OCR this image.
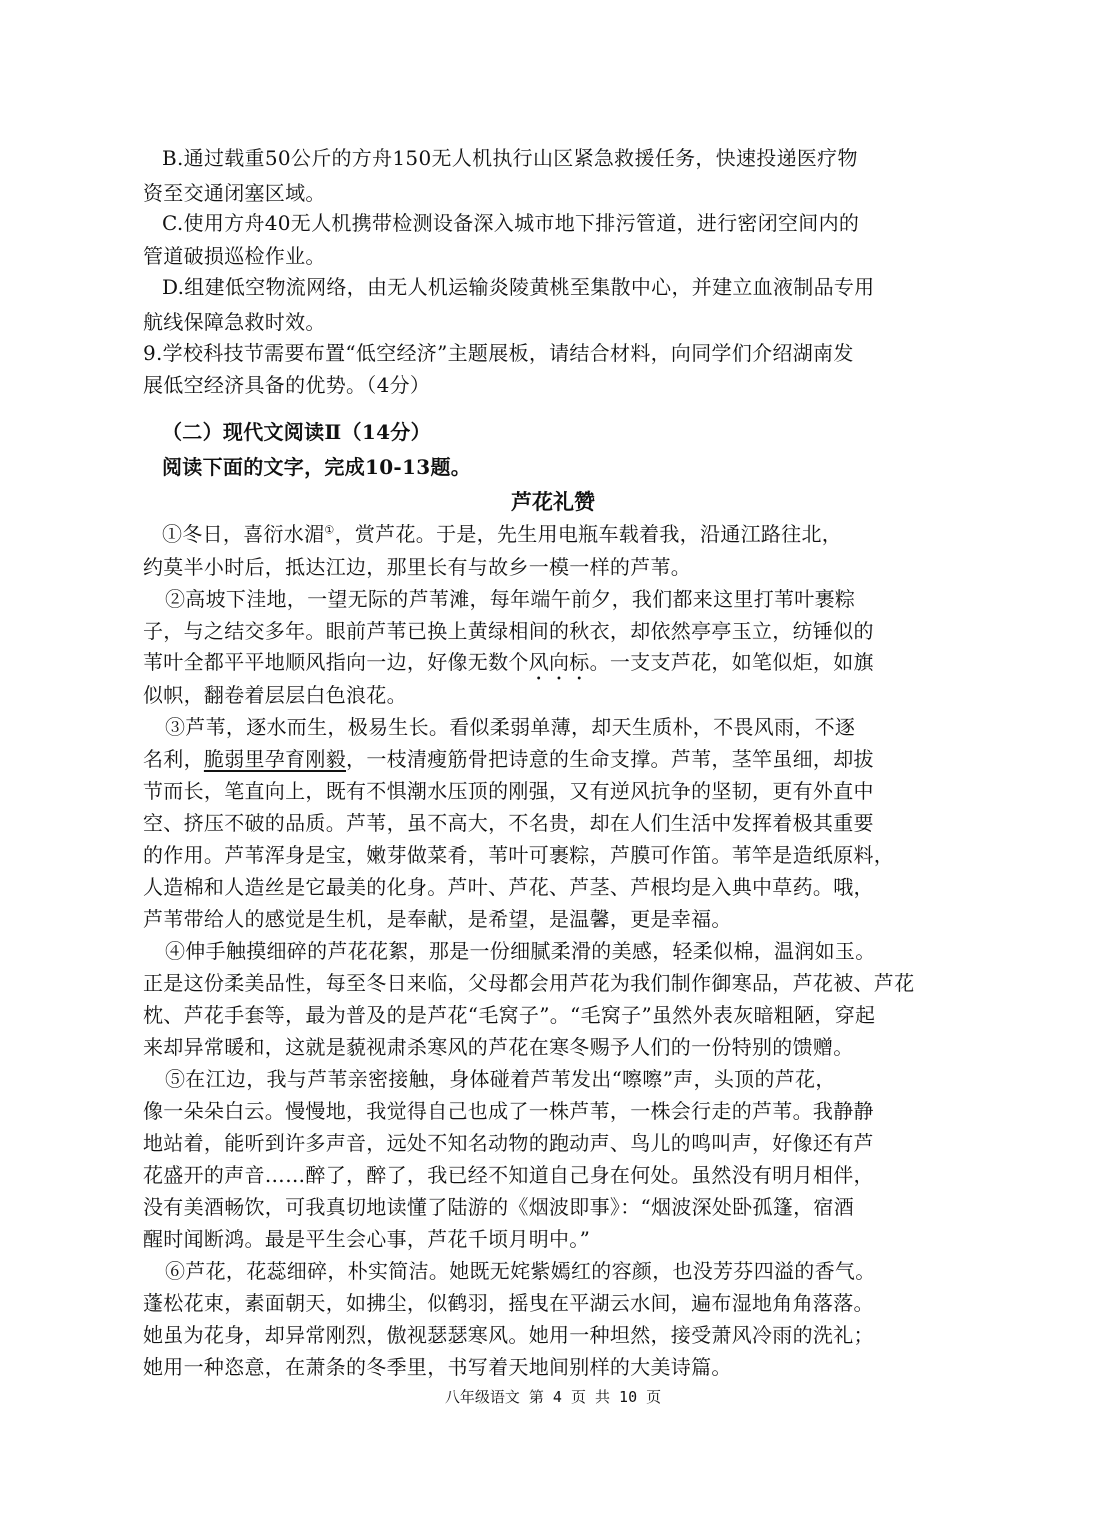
B.通过载重50公斤的方舟150无人机执行山区紧急救援任务，快速投递医疗物
资至交通闭塞区域。
C.使用方舟40无人机携带检测设备深入城市地下排污管道，进行密闭空间内的
管道破损巡检作业。
D.组建低空物流网络，由无人机运输炎陵黄桃至集散中心，并建立血液制品专用
航线保障急救时效。
9.学校科技节需要布置“低空经济”主题展板，请结合材料，向同学们介绍湖南发
展低空经济具备的优势。（4分）
（二）现代文阅读Ⅱ（14分）
阅读下面的文字，完成10-13题。
芦花礼赞
①冬日，喜衍水湄①，赏芦花。于是，先生用电瓶车载着我，沿通江路往北，
约莫半小时后，抵达江边，那里长有与故乡一模一样的芦苇。
②高坡下洼地，一望无际的芦苇滩，每年端午前夕，我们都来这里打苇叶裹粽
子，与之结交多年。眼前芦苇已换上黄绿相间的秋衣，却依然亭亭玉立，纺锤似的
苇叶全都平平地顺风指向一边，好像无数个风向标。一支支芦花，如笔似炬，如旗
似帜，翻卷着层层白色浪花。
③芦苇，逐水而生，极易生长。看似柔弱单薄，却天生质朴，不畏风雨，不逐
名利，脆弱里孕育刚毅，一枝清瘦筋骨把诗意的生命支撑。芦苇，茎竿虽细，却拔
节而长，笔直向上，既有不惧潮水压顶的刚强，又有逆风抗争的坚韧，更有外直中
空、挤压不破的品质。芦苇，虽不高大，不名贵，却在人们生活中发挥着极其重要
的作用。芦苇浑身是宝，嫩芽做菜肴，苇叶可裹粽，芦膜可作笛。苇竿是造纸原料，
人造棉和人造丝是它最美的化身。芦叶、芦花、芦茎、芦根均是入典中草药。哦，
芦苇带给人的感觉是生机，是奉献，是希望，是温馨，更是幸福。
④伸手触摸细碎的芦花花絮，那是一份细腻柔滑的美感，轻柔似棉，温润如玉。
正是这份柔美品性，每至冬日来临，父母都会用芦花为我们制作御寒品，芦花被、芦花
枕、芦花手套等，最为普及的是芦花“毛窝子”。“毛窝子”虽然外表灰暗粗陋，穿起
来却异常暖和，这就是藐视肃杀寒风的芦花在寒冬赐予人们的一份特别的馈赠。
⑤在江边，我与芦苇亲密接触，身体碰着芦苇发出“嚓嚓”声，头顶的芦花，
像一朵朵白云。慢慢地，我觉得自己也成了一株芦苇，一株会行走的芦苇。我静静
地站着，能听到许多声音，远处不知名动物的跑动声、鸟儿的鸣叫声，好像还有芦
花盛开的声音……醉了，醉了，我已经不知道自己身在何处。虽然没有明月相伴，
没有美酒畅饮，可我真切地读懂了陆游的《烟波即事》：“烟波深处卧孤篷，宿酒
醒时闻断鸿。最是平生会心事，芦花千顷月明中。”
⑥芦花，花蕊细碎，朴实简洁。她既无姹紫嫣红的容颜，也没芳芬四溢的香气。
蓬松花束，素面朝天，如拂尘，似鹤羽，摇曳在平湖云水间，遍布湿地角角落落。
她虽为花身，却异常刚烈，傲视瑟瑟寒风。她用一种坦然，接受萧风冷雨的洗礼；
她用一种恣意，在萧条的冬季里，书写着天地间别样的大美诗篇。
八年级语文 第 4 页 共 10 页
